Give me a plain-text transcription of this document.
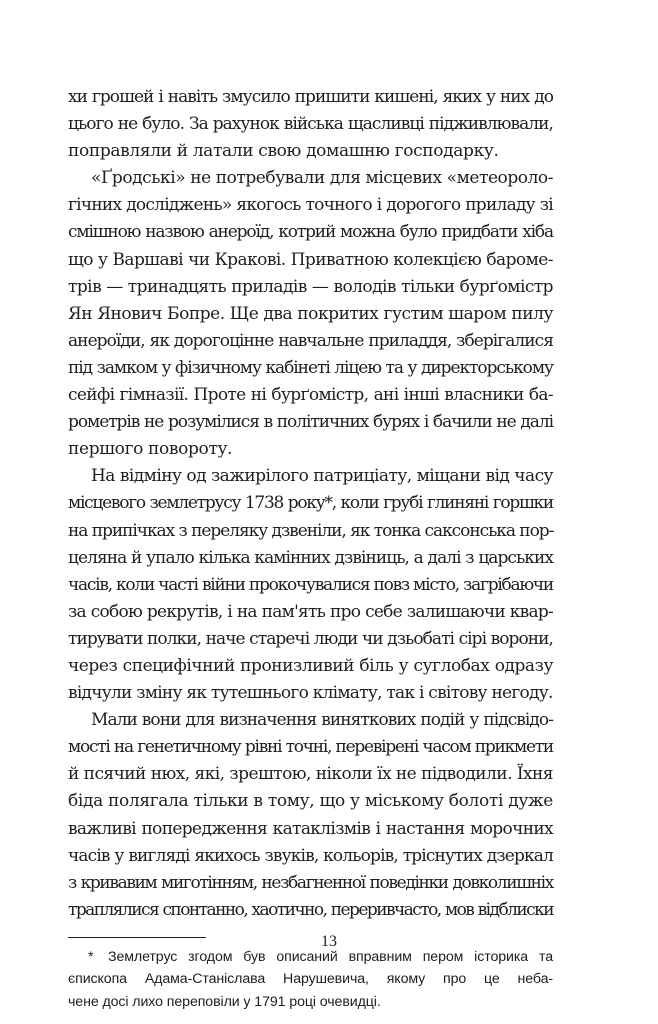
хи грошей і навіть змусило пришити кишені, яких у них до
цього не було. За рахунок війська щасливці підживлювали,
поправляли й латали свою домашню господарку.

«Ґродські» не потребували для місцевих «метеороло-
гічних досліджень» якогось точного і дорогого приладу зі
смішною назвою анероїд, котрий можна було придбати хіба
що у Варшаві чи Кракові. Приватною колекцією бароме-
трів — тринадцять приладів — володів тільки бурґомістр
Ян Янович Бопре. Ще два покритих густим шаром пилу
анероїди, як дорогоцінне навчальне приладдя, зберігалися
під замком у фізичному кабінеті ліцею та у директорському
сейфі гімназії. Проте ні бурґомістр, ані інші власники ба-
рометрів не розумілися в політичних бурях і бачили не далі
першого повороту.

На відміну од зажирілого патриціату, міщани від часу
місцевого землетрусу 1738 року*, коли грубі глиняні горшки
на припічках з переляку дзвеніли, як тонка саксонська пор-
целяна й упало кілька камінних дзвіниць, а далі з царських
часів, коли часті війни прокочувалися повз місто, загрібаючи
за собою рекрутів, і на пам'ять про себе залишаючи квар-
тирувати полки, наче старечі люди чи дзьобаті сірі ворони,
через специфічний пронизливий біль у суглобах одразу
відчули зміну як тутешнього клімату, так і світову негоду.

Мали вони для визначення виняткових подій у підсвідо-
мості на генетичному рівні точні, перевірені часом прикмети
й псячий нюх, які, зрештою, ніколи їх не підводили. Їхня
біда полягала тільки в тому, що у міському болоті дуже
важливі попередження катаклізмів і настання морочних
часів у вигляді якихось звуків, кольорів, тріснутих дзеркал
з кривавим миготінням, незбагненної поведінки довколишніх
траплялися спонтанно, хаотично, переривчасто, мов відблиски

* Землетрус згодом був описаний вправним пером історика та
єпископа Адама-Станіслава Нарушевича, якому про це неба-
чене досі лихо переповіли у 1791 році очевидці.
13
